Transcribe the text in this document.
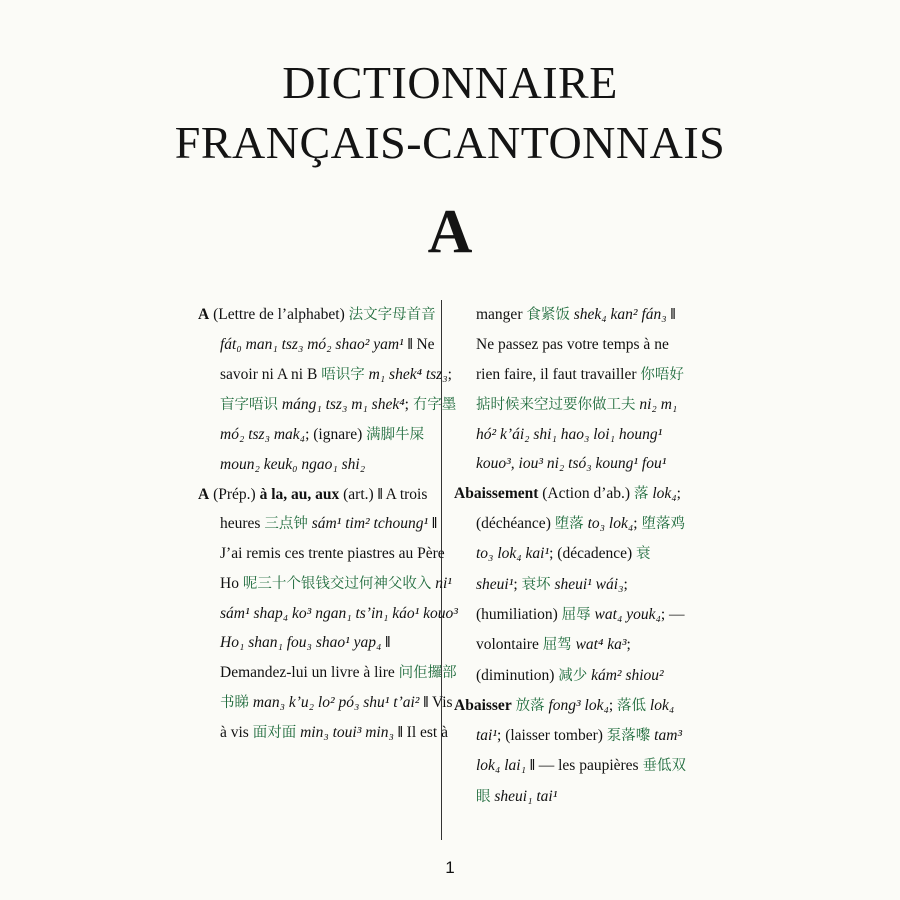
DICTIONNAIRE
FRANÇAIS-CANTONNAIS
A

A (Lettre de l’alphabet) 法文字母首音 fát₀ man₁ tsz₃ mó₂ shao² yam¹ ‖ Ne savoir ni A ni B 唔识字 m₁ shek⁴ tsz₃; 盲字唔识 máng₁ tsz₃ m₁ shek⁴; 冇字墨 mó₂ tsz₃ mak₄; (ignare) 满脚牛屎 moun₂ keuk₀ ngao₁ shi₂

A (Prép.) à la, au, aux (art.) ‖ A trois heures 三点钟 sám¹ tim² tchoung¹ ‖ J’ai remis ces trente piastres au Père Ho 呢三十个银钱交过何神父收入 ni¹ sám¹ shap₄ ko³ ngan₁ ts’in₁ káo¹ kouo³ Ho₁ shan₁ fou₃ shao¹ yap₄ ‖ Demandez-lui un livre à lire 问佢攞部书睇 man₃ k’u₂ lo² pó₃ shu¹ t’ai² ‖ Vis à vis 面对面 min₃ toui³ min₃ ‖ Il est à

manger 食紧饭 shek₄ kan² fán₃ ‖ Ne passez pas votre temps à ne rien faire, il faut travailler 你唔好掂时候来空过要你做工夫 ni₂ m₁ hó² k’ái₂ shi₁ hao₃ loi₁ houng¹ kouo³, iou³ ni₂ tsó₃ koung¹ fou¹

Abaissement (Action d’ab.) 落 lok₄; (déchéance) 堕落 to₃ lok₄; 堕落鸡 to₃ lok₄ kai¹; (décadence) 衰 sheui¹; 衰坏 sheui¹ wái₃; (humiliation) 屈辱 wat₄ youk₄; — volontaire 屈驾 wat⁴ ka³; (diminution) 减少 kám² shiou²

Abaisser 放落 fong³ lok₄; 落低 lok₄ tai¹; (laisser tomber) 泵落嚟 tam³ lok₄ lai₁ ‖ — les paupières 垂低双眼 sheui₁ tai¹

1
